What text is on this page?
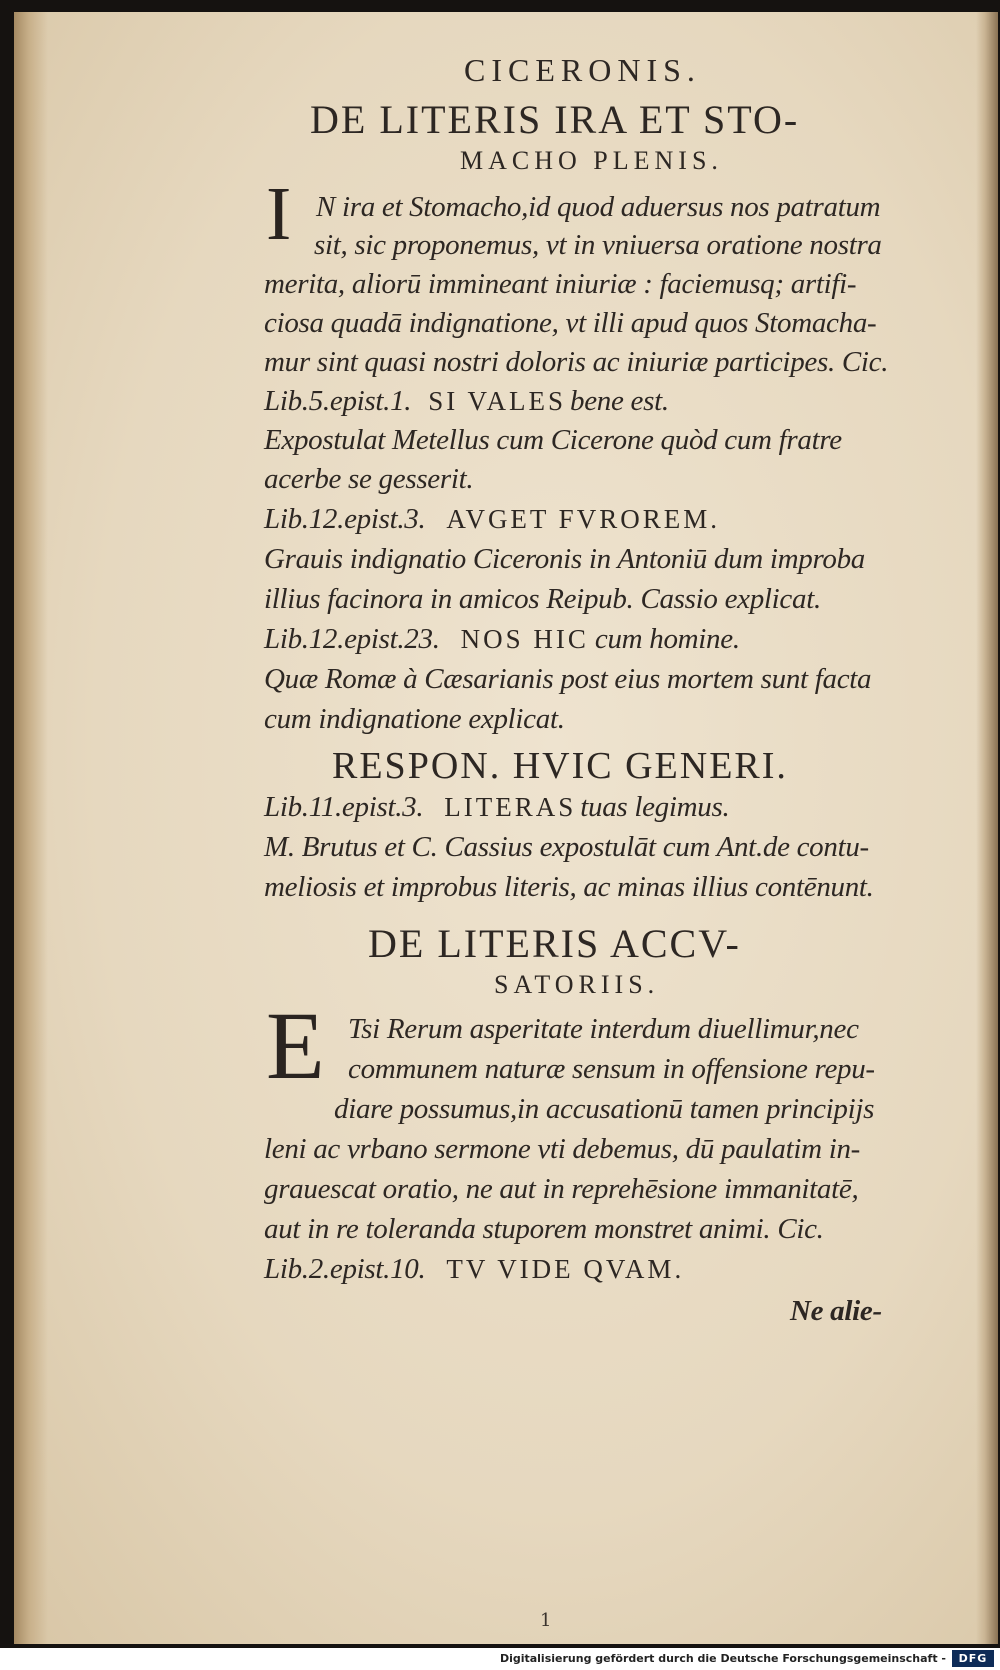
CICERONIS.
DE LITERIS IRA ET STO-
MACHO PLENIS.
I N ira et Stomacho,id quod aduersus nos patratum
sit, sic proponemus, vt in vniuersa oratione nostra
merita, aliorū immineant iniuriæ : faciemusq; artifi-
ciosa quadā indignatione, vt illi apud quos Stomacha-
mur sint quasi nostri doloris ac iniuriæ participes. Cic.
Lib.5.epist.1. SI VALES bene est.
Expostulat Metellus cum Cicerone quòd cum fratre
acerbe se gesserit.
Lib.12.epist.3. AVGET FVROREM.
Grauis indignatio Ciceronis in Antoniū dum improba
illius facinora in amicos Reipub. Cassio explicat.
Lib.12.epist.23. NOS HIC cum homine.
Quæ Romæ à Cæsarianis post eius mortem sunt facta
cum indignatione explicat.
RESPON. HVIC GENERI.
Lib.11.epist.3. LITERAS tuas legimus.
M. Brutus et C. Cassius expostulāt cum Ant.de contu-
meliosis et improbus literis, ac minas illius contēnunt.
DE LITERIS ACCV-
SATORIIS.
E Tsi Rerum asperitate interdum diuellimur,nec
communem naturæ sensum in offensione repu-
diare possumus,in accusationū tamen principijs
leni ac vrbano sermone vti debemus, dū paulatim in-
grauescat oratio, ne aut in reprehēsione immanitatē,
aut in re toleranda stuporem monstret animi. Cic.
Lib.2.epist.10. TV VIDE QVAM.
Ne alie-
1
Digitalisierung gefördert durch die Deutsche Forschungsgemeinschaft -	DFG
